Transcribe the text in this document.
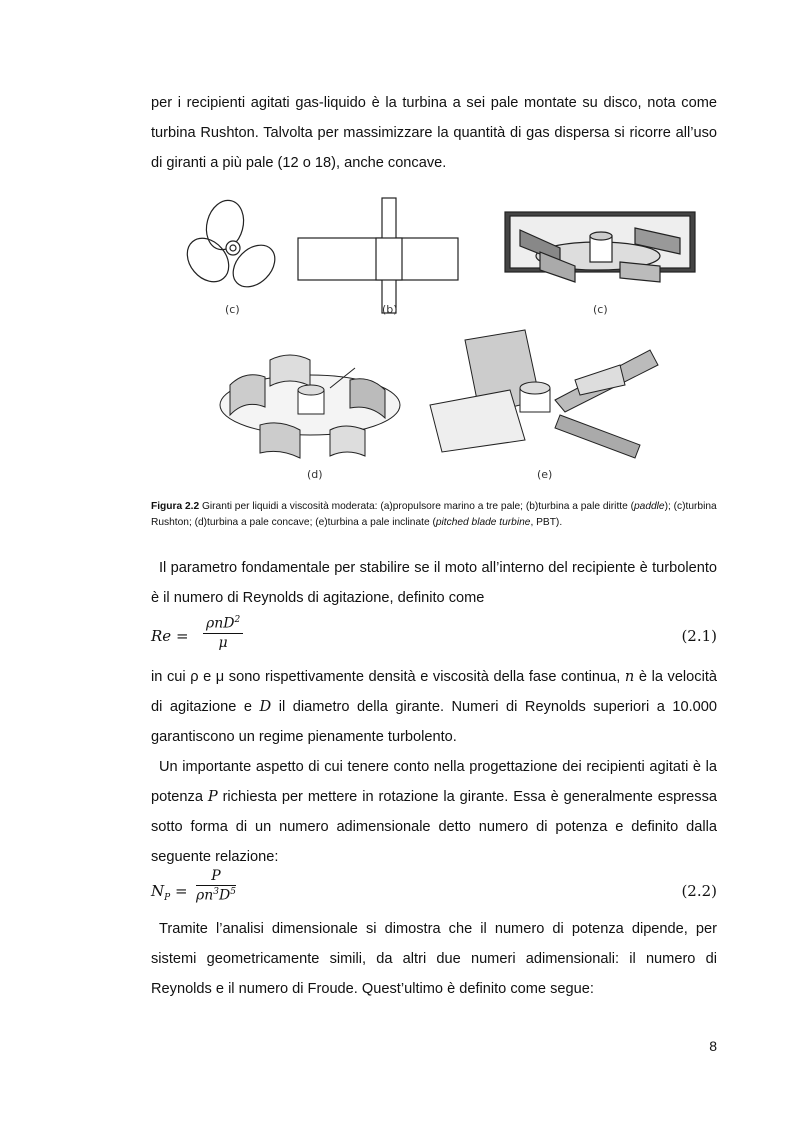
per i recipienti agitati gas-liquido è la turbina a sei pale montate su disco, nota come turbina Rushton. Talvolta per massimizzare la quantità di gas dispersa si ricorre all’uso di giranti a più pale (12 o 18), anche concave.

(c)	(b)	(c)
(d)	(e)

Figura 2.2 Giranti per liquidi a viscosità moderata: (a)propulsore marino a tre pale; (b)turbina a pale diritte (paddle); (c)turbina Rushton; (d)turbina a pale concave; (e)turbina a pale inclinate (pitched blade turbine, PBT).

Il parametro fondamentale per stabilire se il moto all’interno del recipiente è turbolento è il numero di Reynolds di agitazione, definito come

Re =
ρnD$^2$
μ	(2.1)

in cui ρ e μ sono rispettivamente densità e viscosità della fase continua, n è la velocità di agitazione e D il diametro della girante. Numeri di Reynolds superiori a 10.000 garantiscono un regime pienamente turbolento.

Un importante aspetto di cui tenere conto nella progettazione dei recipienti agitati è la potenza P richiesta per mettere in rotazione la girante. Essa è generalmente espressa sotto forma di un numero adimensionale detto numero di potenza e definito dalla seguente relazione:

$N_P = \frac{P}{\rho n^3D^5}$	(2.2)

Tramite l’analisi dimensionale si dimostra che il numero di potenza dipende, per sistemi geometricamente simili, da altri due numeri adimensionali: il numero di Reynolds e il numero di Froude. Quest’ultimo è definito come segue:

8
